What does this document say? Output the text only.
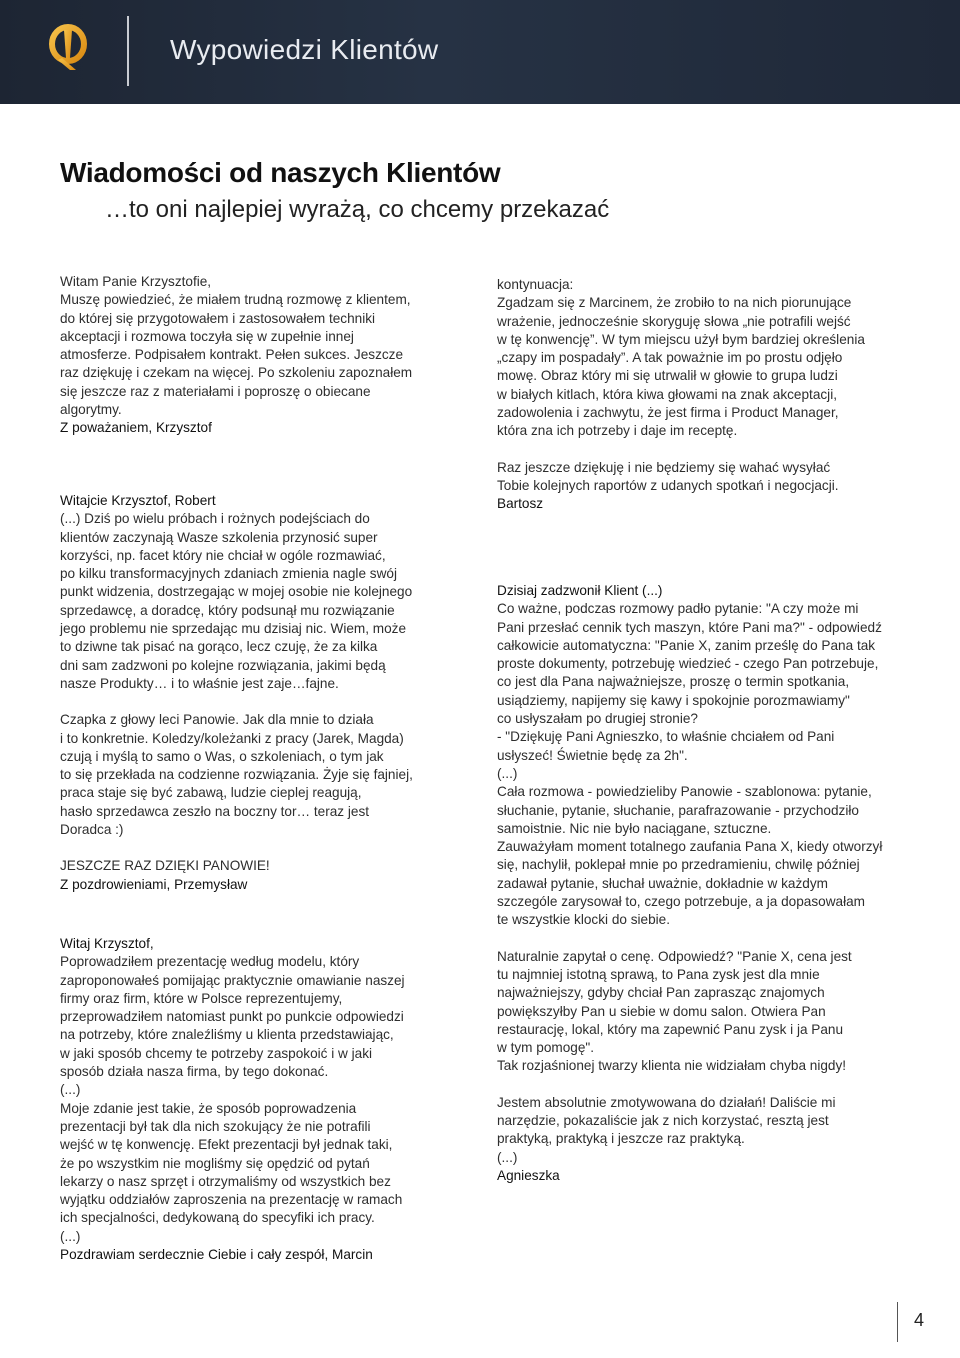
Wypowiedzi Klientów
Wiadomości od naszych Klientów
…to oni najlepiej wyrażą, co chcemy przekazać

Witam Panie Krzysztofie,
Muszę powiedzieć, że miałem trudną rozmowę z klientem,
do której się przygotowałem i zastosowałem techniki
akceptacji i rozmowa toczyła się w zupełnie innej
atmosferze. Podpisałem kontrakt. Pełen sukces. Jeszcze
raz dziękuję i czekam na więcej. Po szkoleniu zapoznałem
się jeszcze raz z materiałami i poproszę o obiecane
algorytmy.

Z poważaniem, Krzysztof

Witajcie Krzysztof, Robert

(...) Dziś po wielu próbach i rożnych podejściach do
klientów zaczynają Wasze szkolenia przynosić super
korzyści, np. facet który nie chciał w ogóle rozmawiać,
po kilku transformacyjnych zdaniach zmienia nagle swój
punkt widzenia, dostrzegając w mojej osobie nie kolejnego
sprzedawcę, a doradcę, który podsunął mu rozwiązanie
jego problemu nie sprzedając mu dzisiaj nic. Wiem, może
to dziwne tak pisać na gorąco, lecz czuję, że za kilka
dni sam zadzwoni po kolejne rozwiązania, jakimi będą
nasze Produkty… i to właśnie jest zaje…fajne.

Czapka z głowy leci Panowie. Jak dla mnie to działa
i to konkretnie. Koledzy/koleżanki z pracy (Jarek, Magda)
czują i myślą to samo o Was, o szkoleniach, o tym jak
to się przekłada na codzienne rozwiązania. Żyje się fajniej,
praca staje się być zabawą, ludzie cieplej reagują,
hasło sprzedawca zeszło na boczny tor… teraz jest
Doradca :)

JESZCZE RAZ DZIĘKI PANOWIE!

Z pozdrowieniami, Przemysław

Witaj Krzysztof,

Poprowadziłem prezentację według modelu, który
zaproponowałeś pomijając praktycznie omawianie naszej
firmy oraz firm, które w Polsce reprezentujemy,
przeprowadziłem natomiast punkt po punkcie odpowiedzi
na potrzeby, które znaleźliśmy u klienta przedstawiając,
w jaki sposób chcemy te potrzeby zaspokoić i w jaki
sposób działa nasza firma, by tego dokonać.
(...)
Moje zdanie jest takie, że sposób poprowadzenia
prezentacji był tak dla nich szokujący że nie potrafili
wejść w tę konwencję. Efekt prezentacji był jednak taki,
że po wszystkim nie mogliśmy się opędzić od pytań
lekarzy o nasz sprzęt i otrzymaliśmy od wszystkich bez
wyjątku oddziałów zaproszenia na prezentację w ramach
ich specjalności, dedykowaną do specyfiki ich pracy.
(...)

Pozdrawiam serdecznie Ciebie i cały zespół, Marcin

kontynuacja:
Zgadzam się z Marcinem, że zrobiło to na nich piorunujące
wrażenie, jednocześnie skoryguję słowa „nie potrafili wejść
w tę konwencję”. W tym miejscu użył bym bardziej określenia
„czapy im pospadały”. A tak poważnie im po prostu odjęło
mowę. Obraz który mi się utrwalił w głowie to grupa ludzi
w białych kitlach, która kiwa głowami na znak akceptacji,
zadowolenia i zachwytu, że jest firma i Product Manager,
która zna ich potrzeby i daje im receptę.

Raz jeszcze dziękuję i nie będziemy się wahać wysyłać
Tobie kolejnych raportów z udanych spotkań i negocjacji.

Bartosz

Dzisiaj zadzwonił Klient (...)

Co ważne, podczas rozmowy padło pytanie: "A czy może mi
Pani przesłać cennik tych maszyn, które Pani ma?" - odpowiedź
całkowicie automatyczna: "Panie X, zanim prześlę do Pana tak
proste dokumenty, potrzebuję wiedzieć - czego Pan potrzebuje,
co jest dla Pana najważniejsze, proszę o termin spotkania,
usiądziemy, napijemy się kawy i spokojnie porozmawiamy"
co usłyszałam po drugiej stronie?
- "Dziękuję Pani Agnieszko, to właśnie chciałem od Pani
usłyszeć! Świetnie będę za 2h".
(...)
Cała rozmowa - powiedzieliby Panowie - szablonowa: pytanie,
słuchanie, pytanie, słuchanie, parafrazowanie - przychodziło
samoistnie. Nic nie było naciągane, sztuczne.
Zauważyłam moment totalnego zaufania Pana X, kiedy otworzył
się, nachylił, poklepał mnie po przedramieniu, chwilę później
zadawał pytanie, słuchał uważnie, dokładnie w każdym
szczególe zarysował to, czego potrzebuje, a ja dopasowałam
te wszystkie klocki do siebie.

Naturalnie zapytał o cenę. Odpowiedź? "Panie X, cena jest
tu najmniej istotną sprawą, to Pana zysk jest dla mnie
najważniejszy, gdyby chciał Pan zaprasząc znajomych
powiększyłby Pan u siebie w domu salon. Otwiera Pan
restaurację, lokal, który ma zapewnić Panu zysk i ja Panu
w tym pomogę".
Tak rozjaśnionej twarzy klienta nie widziałam chyba nigdy!

Jestem absolutnie zmotywowana do działań! Daliście mi
narzędzie, pokazaliście jak z nich korzystać, resztą jest
praktyką, praktyką i jeszcze raz praktyką.
(...)

Agnieszka

4
